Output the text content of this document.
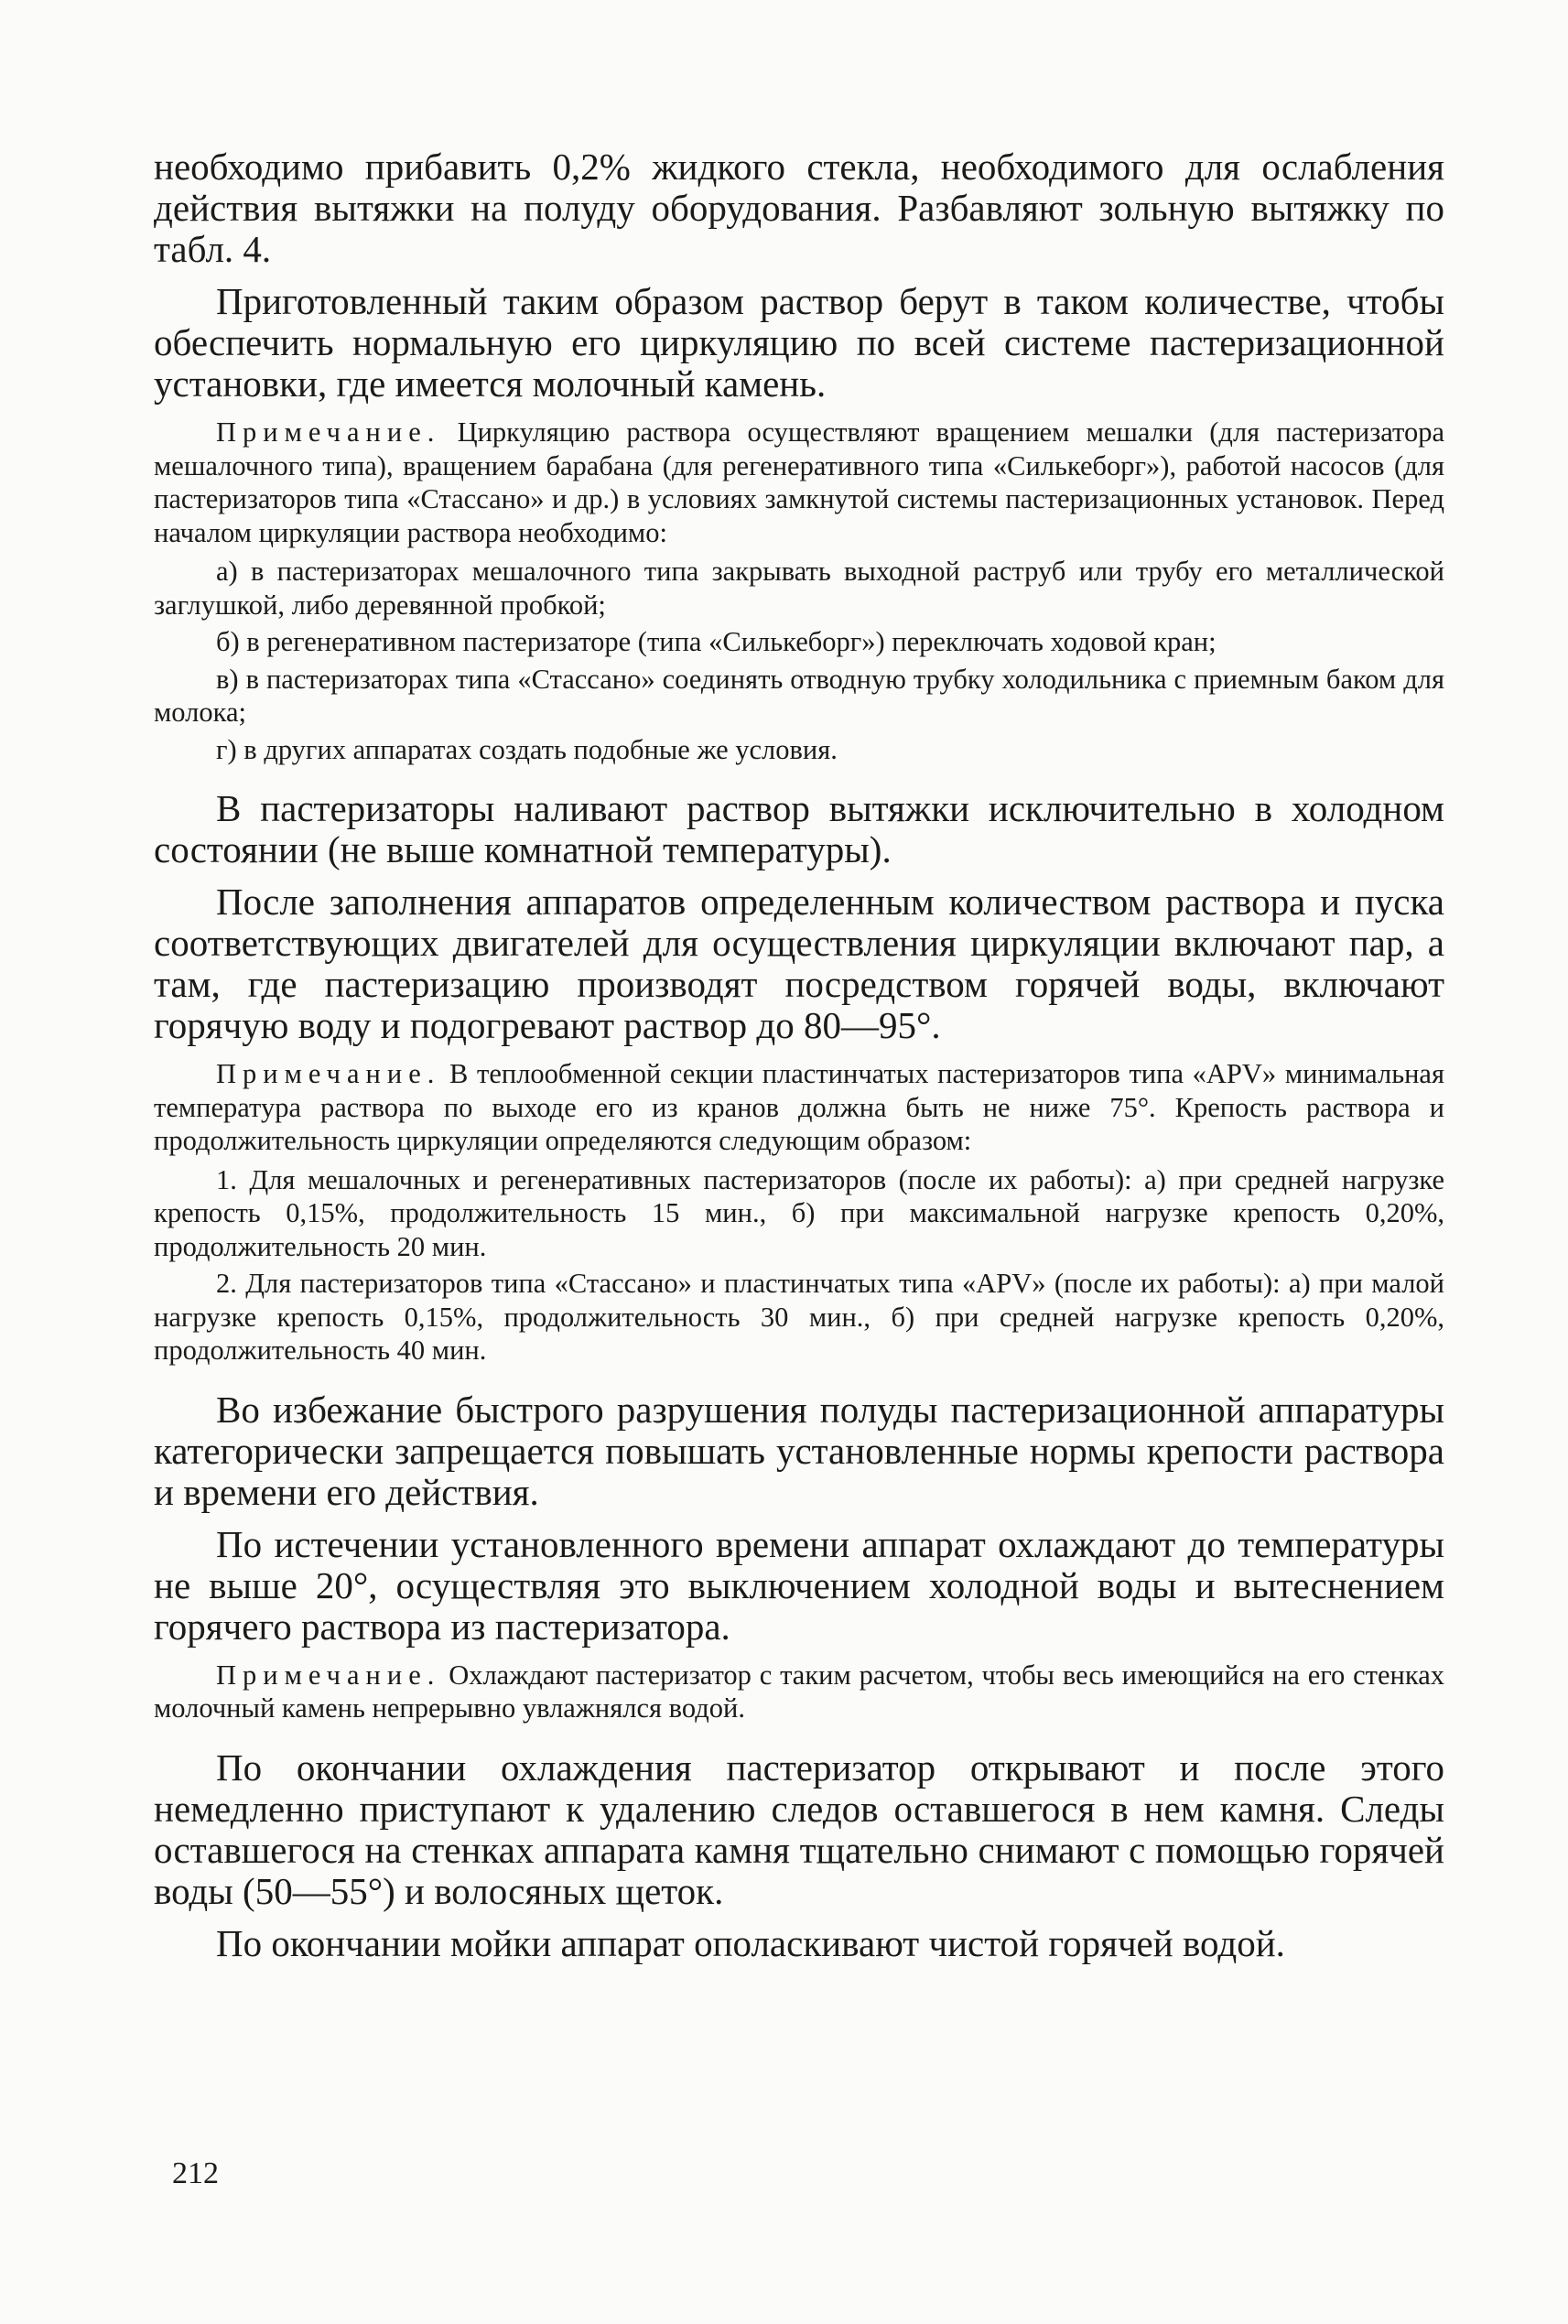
необходимо прибавить 0,2% жидкого стекла, необходимого для ослабления действия вытяжки на полуду оборудования. Разбавляют зольную вытяжку по табл. 4.

Приготовленный таким образом раствор берут в таком количестве, чтобы обеспечить нормальную его циркуляцию по всей системе пастеризационной установки, где имеется молочный камень.

Примечание. Циркуляцию раствора осуществляют вращением мешалки (для пастеризатора мешалочного типа), вращением барабана (для регенеративного типа «Силькеборг»), работой насосов (для пастеризаторов типа «Стассано» и др.) в условиях замкнутой системы пастеризационных установок. Перед началом циркуляции раствора необходимо:

а) в пастеризаторах мешалочного типа закрывать выходной раструб или трубу его металлической заглушкой, либо деревянной пробкой;

б) в регенеративном пастеризаторе (типа «Силькеборг») переключать ходовой кран;

в) в пастеризаторах типа «Стассано» соединять отводную трубку холодильника с приемным баком для молока;

г) в других аппаратах создать подобные же условия.

В пастеризаторы наливают раствор вытяжки исключительно в холодном состоянии (не выше комнатной температуры).

После заполнения аппаратов определенным количеством раствора и пуска соответствующих двигателей для осуществления циркуляции включают пар, а там, где пастеризацию производят посредством горячей воды, включают горячую воду и подогревают раствор до 80—95°.

Примечание. В теплообменной секции пластинчатых пастеризаторов типа «APV» минимальная температура раствора по выходе его из кранов должна быть не ниже 75°. Крепость раствора и продолжительность циркуляции определяются следующим образом:

1. Для мешалочных и регенеративных пастеризаторов (после их работы): а) при средней нагрузке крепость 0,15%, продолжительность 15 мин., б) при максимальной нагрузке крепость 0,20%, продолжительность 20 мин.

2. Для пастеризаторов типа «Стассано» и пластинчатых типа «APV» (после их работы): а) при малой нагрузке крепость 0,15%, продолжительность 30 мин., б) при средней нагрузке крепость 0,20%, продолжительность 40 мин.

Во избежание быстрого разрушения полуды пастеризационной аппаратуры категорически запрещается повышать установленные нормы крепости раствора и времени его действия.

По истечении установленного времени аппарат охлаждают до температуры не выше 20°, осуществляя это выключением холодной воды и вытеснением горячего раствора из пастеризатора.

Примечание. Охлаждают пастеризатор с таким расчетом, чтобы весь имеющийся на его стенках молочный камень непрерывно увлажнялся водой.

По окончании охлаждения пастеризатор открывают и после этого немедленно приступают к удалению следов оставшегося в нем камня. Следы оставшегося на стенках аппарата камня тщательно снимают с помощью горячей воды (50—55°) и волосяных щеток.

По окончании мойки аппарат ополаскивают чистой горячей водой.

212
